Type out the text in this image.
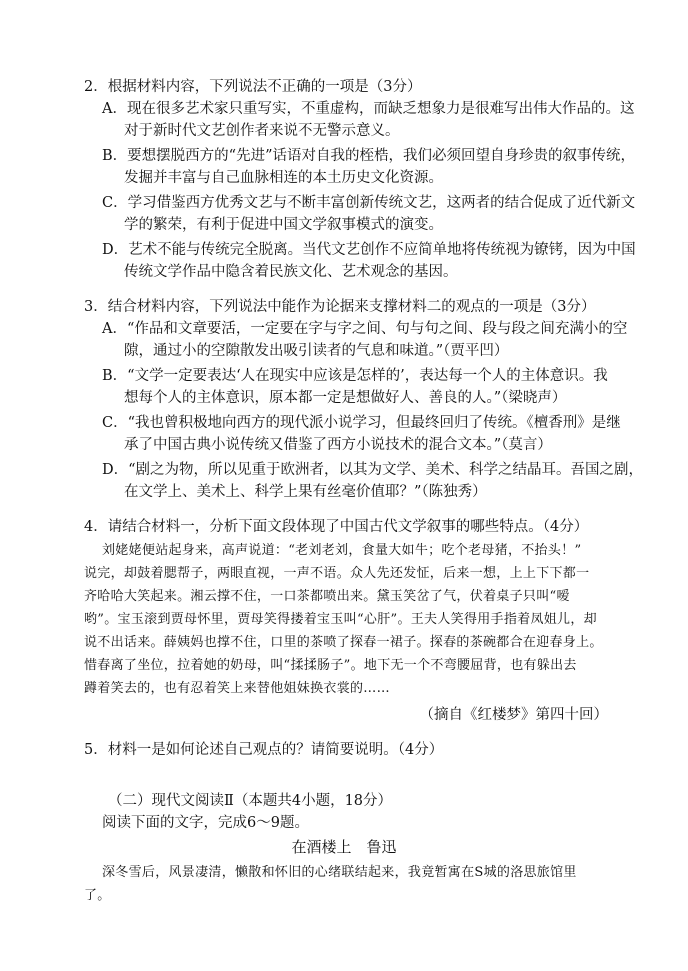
2．根据材料内容，下列说法不正确的一项是（3分）
A．现在很多艺术家只重写实，不重虚构，而缺乏想象力是很难写出伟大作品的。这
对于新时代文艺创作者来说不无警示意义。
B．要想摆脱西方的“先进”话语对自我的桎梏，我们必须回望自身珍贵的叙事传统，
发掘并丰富与自己血脉相连的本土历史文化资源。
C．学习借鉴西方优秀文艺与不断丰富创新传统文艺，这两者的结合促成了近代新文
学的繁荣，有利于促进中国文学叙事模式的演变。
D．艺术不能与传统完全脱离。当代文艺创作不应简单地将传统视为镣铐，因为中国
传统文学作品中隐含着民族文化、艺术观念的基因。
3．结合材料内容，下列说法中能作为论据来支撑材料二的观点的一项是（3分）
A．“作品和文章要活，一定要在字与字之间、句与句之间、段与段之间充满小的空
隙，通过小的空隙散发出吸引读者的气息和味道。”（贾平凹）
B．“文学一定要表达‘人在现实中应该是怎样的’，表达每一个人的主体意识。我
想每个人的主体意识，原本都一定是想做好人、善良的人。”（梁晓声）
C．“我也曾积极地向西方的现代派小说学习，但最终回归了传统。《檀香刑》是继
承了中国古典小说传统又借鉴了西方小说技术的混合文本。”（莫言）
D．“剧之为物，所以见重于欧洲者，以其为文学、美术、科学之结晶耳。吾国之剧，
在文学上、美术上、科学上果有丝毫价值耶？”（陈独秀）
4．请结合材料一，分析下面文段体现了中国古代文学叙事的哪些特点。（4分）
刘姥姥便站起身来，高声说道：“老刘老刘，食量大如牛；吃个老母猪，不抬头！”
说完，却鼓着腮帮子，两眼直视，一声不语。众人先还发怔，后来一想，上上下下都一
齐哈哈大笑起来。湘云撑不住，一口茶都喷出来。黛玉笑岔了气，伏着桌子只叫“嗳
哟”。宝玉滚到贾母怀里，贾母笑得搂着宝玉叫“心肝”。王夫人笑得用手指着凤姐儿，却
说不出话来。薛姨妈也撑不住，口里的茶喷了探春一裙子。探春的茶碗都合在迎春身上。
惜春离了坐位，拉着她的奶母，叫“揉揉肠子”。地下无一个不弯腰屈背，也有躲出去
蹲着笑去的，也有忍着笑上来替他姐妹换衣裳的……
（摘自《红楼梦》第四十回）
5．材料一是如何论述自己观点的？请简要说明。（4分）
（二）现代文阅读Ⅱ（本题共4小题，18分）
阅读下面的文字，完成6～9题。
在酒楼上　鲁迅
深冬雪后，风景凄清，懒散和怀旧的心绪联结起来，我竟暂寓在S城的洛思旅馆里
了。
